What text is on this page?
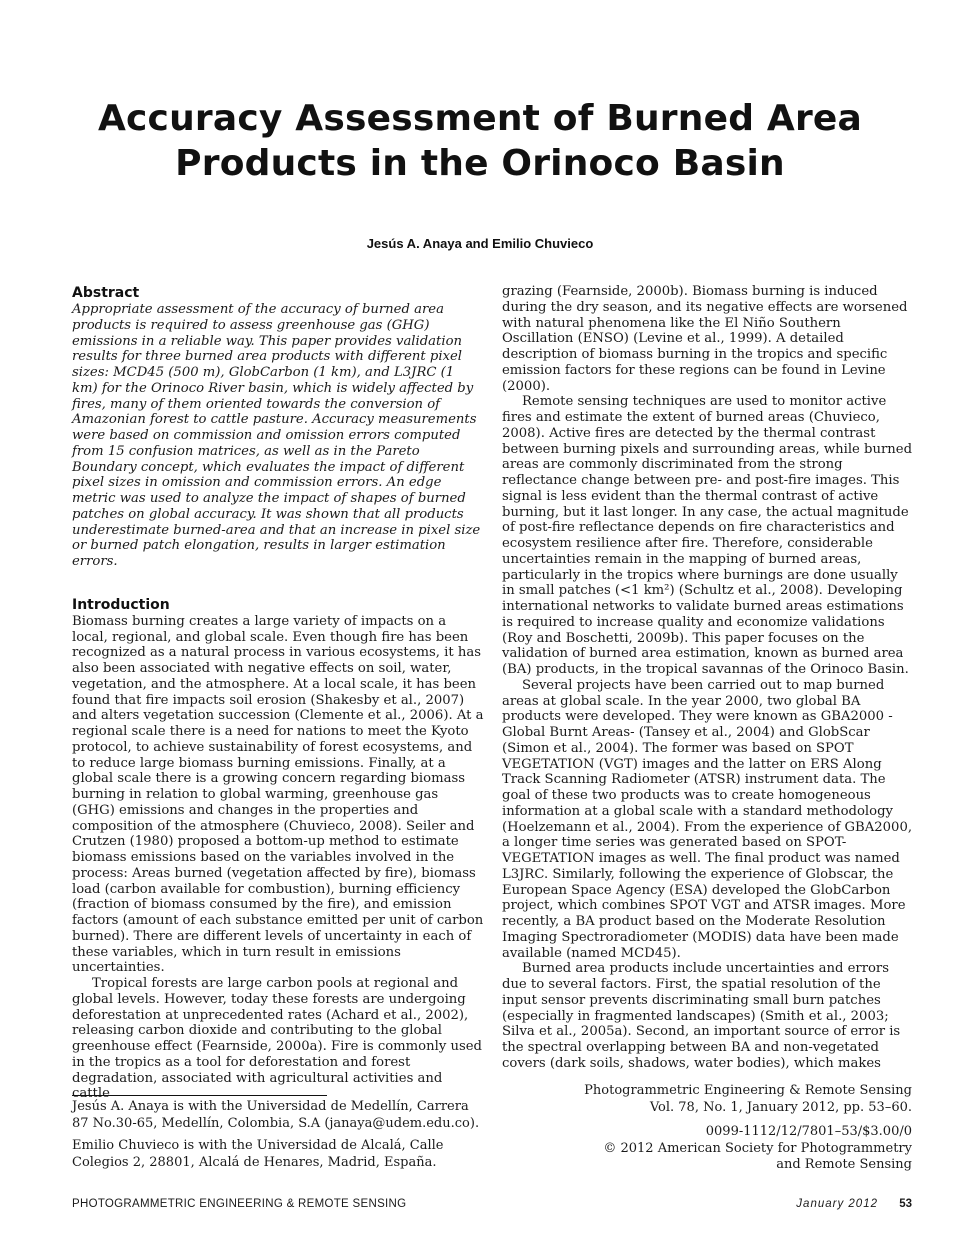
Accuracy Assessment of Burned Area
Products in the Orinoco Basin
Jesús A. Anaya and Emilio Chuvieco
Abstract

Appropriate assessment of the accuracy of burned area products is required to assess greenhouse gas (GHG) emissions in a reliable way. This paper provides validation results for three burned area products with different pixel sizes: MCD45 (500 m), GlobCarbon (1 km), and L3JRC (1 km) for the Orinoco River basin, which is widely affected by fires, many of them oriented towards the conversion of Amazonian forest to cattle pasture. Accuracy measurements were based on commission and omission errors computed from 15 confusion matrices, as well as in the Pareto Boundary concept, which evaluates the impact of different pixel sizes in omission and commission errors. An edge metric was used to analyze the impact of shapes of burned patches on global accuracy. It was shown that all products underestimate burned-area and that an increase in pixel size or burned patch elongation, results in larger estimation errors.

Introduction

Biomass burning creates a large variety of impacts on a local, regional, and global scale. Even though fire has been recognized as a natural process in various ecosystems, it has also been associated with negative effects on soil, water, vegetation, and the atmosphere. At a local scale, it has been found that fire impacts soil erosion (Shakesby et al., 2007) and alters vegetation succession (Clemente et al., 2006). At a regional scale there is a need for nations to meet the Kyoto protocol, to achieve sustainability of forest ecosystems, and to reduce large biomass burning emissions. Finally, at a global scale there is a growing concern regarding biomass burning in relation to global warming, greenhouse gas (GHG) emissions and changes in the properties and composition of the atmosphere (Chuvieco, 2008). Seiler and Crutzen (1980) proposed a bottom-up method to estimate biomass emissions based on the variables involved in the process: Areas burned (vegetation affected by fire), biomass load (carbon available for combustion), burning efficiency (fraction of biomass consumed by the fire), and emission factors (amount of each substance emitted per unit of carbon burned). There are different levels of uncertainty in each of these variables, which in turn result in emissions uncertainties.

Tropical forests are large carbon pools at regional and global levels. However, today these forests are undergoing deforestation at unprecedented rates (Achard et al., 2002), releasing carbon dioxide and contributing to the global greenhouse effect (Fearnside, 2000a). Fire is commonly used in the tropics as a tool for deforestation and forest degradation, associated with agricultural activities and cattle

grazing (Fearnside, 2000b). Biomass burning is induced during the dry season, and its negative effects are worsened with natural phenomena like the El Niño Southern Oscillation (ENSO) (Levine et al., 1999). A detailed description of biomass burning in the tropics and specific emission factors for these regions can be found in Levine (2000).

Remote sensing techniques are used to monitor active fires and estimate the extent of burned areas (Chuvieco, 2008). Active fires are detected by the thermal contrast between burning pixels and surrounding areas, while burned areas are commonly discriminated from the strong reflectance change between pre- and post-fire images. This signal is less evident than the thermal contrast of active burning, but it last longer. In any case, the actual magnitude of post-fire reflectance depends on fire characteristics and ecosystem resilience after fire. Therefore, considerable uncertainties remain in the mapping of burned areas, particularly in the tropics where burnings are done usually in small patches (<1 km²) (Schultz et al., 2008). Developing international networks to validate burned areas estimations is required to increase quality and economize validations (Roy and Boschetti, 2009b). This paper focuses on the validation of burned area estimation, known as burned area (BA) products, in the tropical savannas of the Orinoco Basin.

Several projects have been carried out to map burned areas at global scale. In the year 2000, two global BA products were developed. They were known as GBA2000 -Global Burnt Areas- (Tansey et al., 2004) and GlobScar (Simon et al., 2004). The former was based on SPOT VEGETATION (VGT) images and the latter on ERS Along Track Scanning Radiometer (ATSR) instrument data. The goal of these two products was to create homogeneous information at a global scale with a standard methodology (Hoelzemann et al., 2004). From the experience of GBA2000, a longer time series was generated based on SPOT-VEGETATION images as well. The final product was named L3JRC. Similarly, following the experience of Globscar, the European Space Agency (ESA) developed the GlobCarbon project, which combines SPOT VGT and ATSR images. More recently, a BA product based on the Moderate Resolution Imaging Spectroradiometer (MODIS) data have been made available (named MCD45).

Burned area products include uncertainties and errors due to several factors. First, the spatial resolution of the input sensor prevents discriminating small burn patches (especially in fragmented landscapes) (Smith et al., 2003; Silva et al., 2005a). Second, an important source of error is the spectral overlapping between BA and non-vegetated covers (dark soils, shadows, water bodies), which makes

Jesús A. Anaya is with the Universidad de Medellín, Carrera 87 No.30-65, Medellín, Colombia, S.A (janaya@udem.edu.co).

Emilio Chuvieco is with the Universidad de Alcalá, Calle Colegios 2, 28801, Alcalá de Henares, Madrid, España.

Photogrammetric Engineering & Remote Sensing

Vol. 78, No. 1, January 2012, pp. 53–60.

0099-1112/12/7801–53/$3.00/0

© 2012 American Society for Photogrammetry

and Remote Sensing

PHOTOGRAMMETRIC ENGINEERING & REMOTE SENSING	January 2012 53
